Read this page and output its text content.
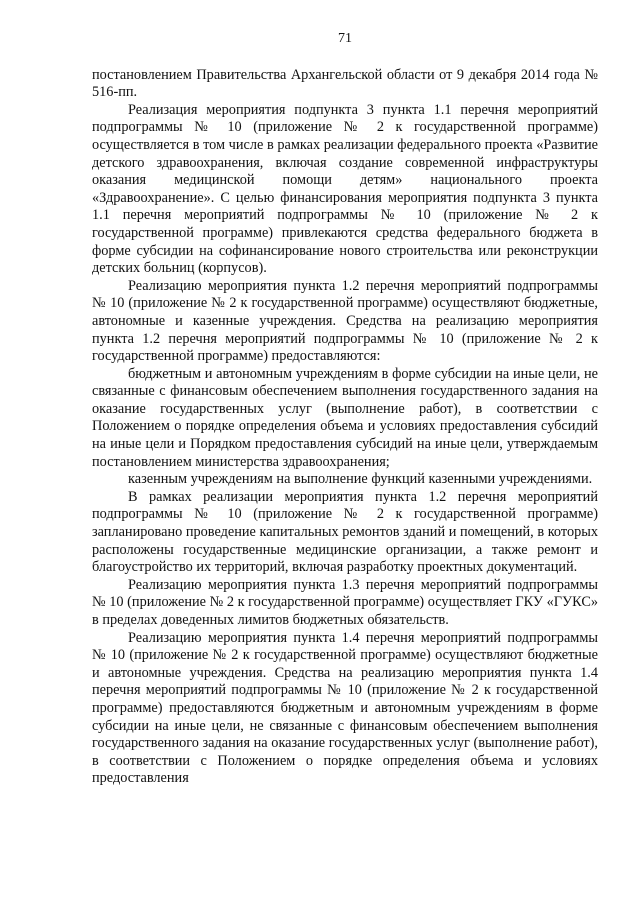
71

постановлением Правительства Архангельской области от 9 декабря 2014 года № 516-пп.

Реализация мероприятия подпункта 3 пункта 1.1 перечня мероприятий подпрограммы № 10 (приложение № 2 к государственной программе) осуществляется в том числе в рамках реализации федерального проекта «Развитие детского здравоохранения, включая создание современной инфраструктуры оказания медицинской помощи детям» национального проекта «Здравоохранение». С целью финансирования мероприятия подпункта 3 пункта 1.1 перечня мероприятий подпрограммы № 10 (приложение № 2 к государственной программе) привлекаются средства федерального бюджета в форме субсидии на софинансирование нового строительства или реконструкции детских больниц (корпусов).

Реализацию мероприятия пункта 1.2 перечня мероприятий подпрограммы № 10 (приложение № 2 к государственной программе) осуществляют бюджетные, автономные и казенные учреждения. Средства на реализацию мероприятия пункта 1.2 перечня мероприятий подпрограммы № 10 (приложение № 2 к государственной программе) предоставляются:

бюджетным и автономным учреждениям в форме субсидии на иные цели, не связанные с финансовым обеспечением выполнения государственного задания на оказание государственных услуг (выполнение работ), в соответствии с Положением о порядке определения объема и условиях предоставления субсидий на иные цели и Порядком предоставления субсидий на иные цели, утверждаемым постановлением министерства здравоохранения;

казенным учреждениям на выполнение функций казенными учреждениями.

В рамках реализации мероприятия пункта 1.2 перечня мероприятий подпрограммы № 10 (приложение № 2 к государственной программе) запланировано проведение капитальных ремонтов зданий и помещений, в которых расположены государственные медицинские организации, а также ремонт и благоустройство их территорий, включая разработку проектных документаций.

Реализацию мероприятия пункта 1.3 перечня мероприятий подпрограммы № 10 (приложение № 2 к государственной программе) осуществляет ГКУ «ГУКС» в пределах доведенных лимитов бюджетных обязательств.

Реализацию мероприятия пункта 1.4 перечня мероприятий подпрограммы № 10 (приложение № 2 к государственной программе) осуществляют бюджетные и автономные учреждения. Средства на реализацию мероприятия пункта 1.4 перечня мероприятий подпрограммы № 10 (приложение № 2 к государственной программе) предоставляются бюджетным и автономным учреждениям в форме субсидии на иные цели, не связанные с финансовым обеспечением выполнения государственного задания на оказание государственных услуг (выполнение работ), в соответствии с Положением о порядке определения объема и условиях предоставления
